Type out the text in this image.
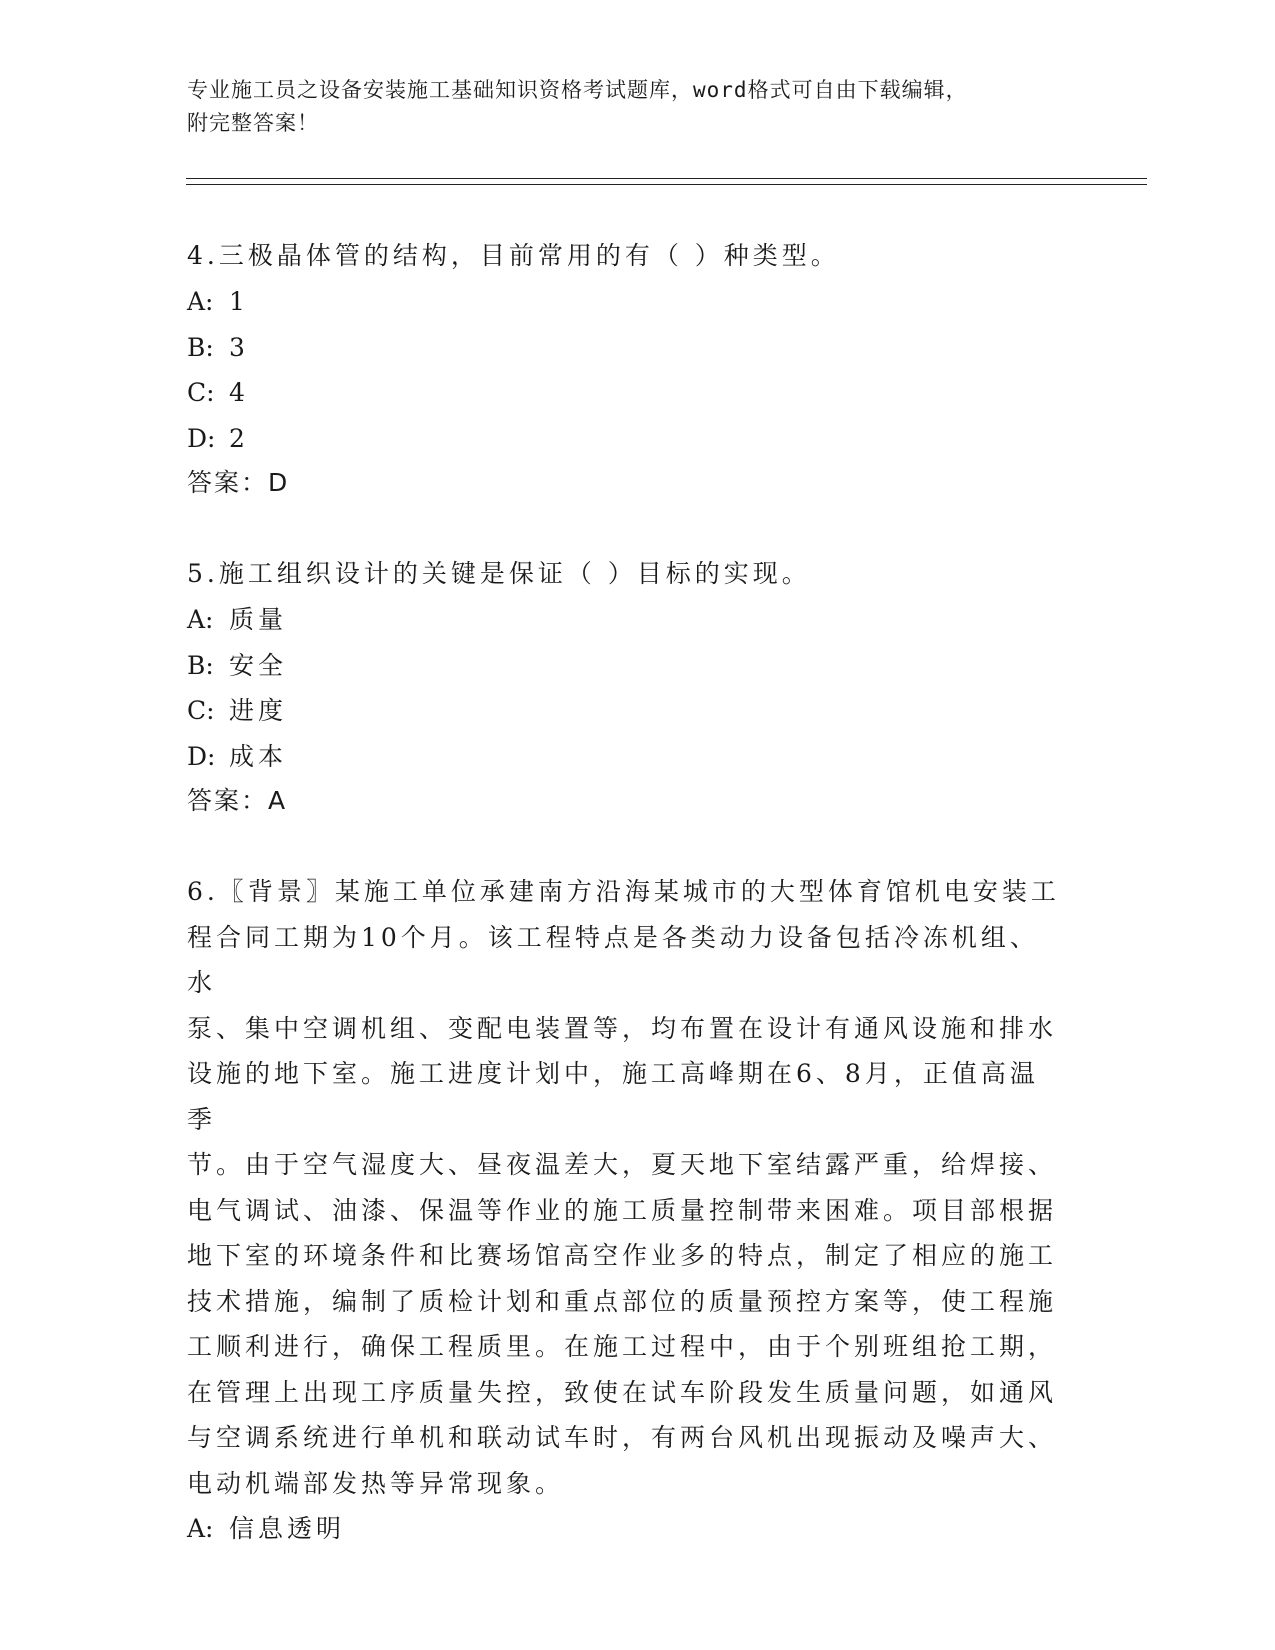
专业施工员之设备安装施工基础知识资格考试题库，word格式可自由下载编辑，
附完整答案！

4.三极晶体管的结构，目前常用的有（ ）种类型。

A: 1

B: 3

C: 4

D: 2

答案：D

5.施工组织设计的关键是保证（ ）目标的实现。

A: 质量

B: 安全

C: 进度

D: 成本

答案：A

6.〖背景〗某施工单位承建南方沿海某城市的大型体育馆机电安装工

程合同工期为10个月。该工程特点是各类动力设备包括冷冻机组、水

泵、集中空调机组、变配电装置等，均布置在设计有通风设施和排水

设施的地下室。施工进度计划中，施工高峰期在6、8月，正值高温季

节。由于空气湿度大、昼夜温差大，夏天地下室结露严重，给焊接、

电气调试、油漆、保温等作业的施工质量控制带来困难。项目部根据

地下室的环境条件和比赛场馆高空作业多的特点，制定了相应的施工

技术措施，编制了质检计划和重点部位的质量预控方案等，使工程施

工顺利进行，确保工程质里。在施工过程中，由于个别班组抢工期，

在管理上出现工序质量失控，致使在试车阶段发生质量问题，如通风

与空调系统进行单机和联动试车时，有两台风机出现振动及噪声大、

电动机端部发热等异常现象。

A: 信息透明
